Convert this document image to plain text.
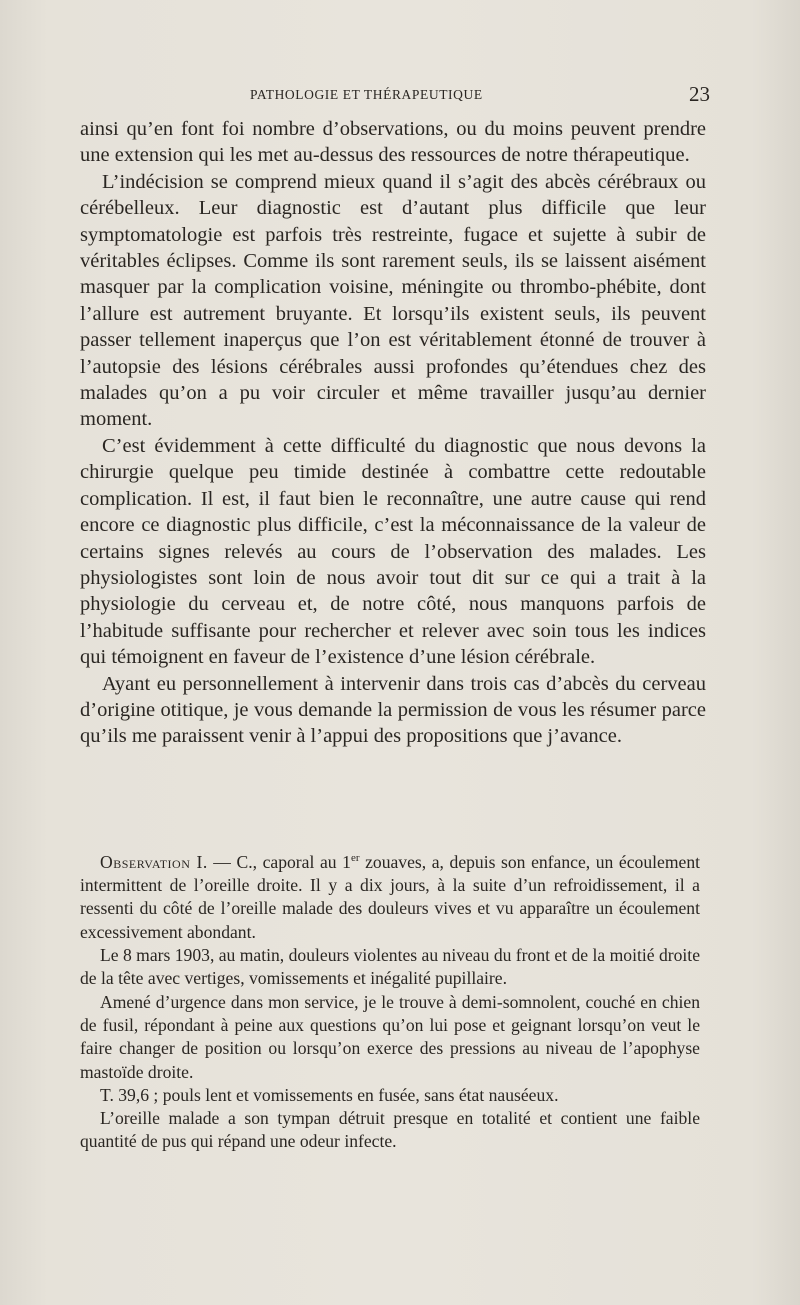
PATHOLOGIE ET THÉRAPEUTIQUE	23

ainsi qu’en font foi nombre d’observations, ou du moins peuvent prendre une extension qui les met au-dessus des ressources de notre thérapeutique.

L’indécision se comprend mieux quand il s’agit des abcès cérébraux ou cérébelleux. Leur diagnostic est d’autant plus difficile que leur symptomatologie est parfois très restreinte, fugace et sujette à subir de véritables éclipses. Comme ils sont rarement seuls, ils se laissent aisément masquer par la complication voisine, méningite ou thrombo-phébite, dont l’allure est autrement bruyante. Et lorsqu’ils existent seuls, ils peuvent passer tellement inaperçus que l’on est véritablement étonné de trouver à l’autopsie des lésions cérébrales aussi profondes qu’étendues chez des malades qu’on a pu voir circuler et même travailler jusqu’au dernier moment.

C’est évidemment à cette difficulté du diagnostic que nous devons la chirurgie quelque peu timide destinée à combattre cette redoutable complication. Il est, il faut bien le reconnaître, une autre cause qui rend encore ce diagnostic plus difficile, c’est la méconnaissance de la valeur de certains signes relevés au cours de l’observation des malades. Les physiologistes sont loin de nous avoir tout dit sur ce qui a trait à la physiologie du cerveau et, de notre côté, nous manquons parfois de l’habitude suffisante pour rechercher et relever avec soin tous les indices qui témoignent en faveur de l’existence d’une lésion cérébrale.

Ayant eu personnellement à intervenir dans trois cas d’abcès du cerveau d’origine otitique, je vous demande la permission de vous les résumer parce qu’ils me paraissent venir à l’appui des propositions que j’avance.

Observation I. — C., caporal au 1er zouaves, a, depuis son enfance, un écoulement intermittent de l’oreille droite. Il y a dix jours, à la suite d’un refroidissement, il a ressenti du côté de l’oreille malade des douleurs vives et vu apparaître un écoulement excessivement abondant.

Le 8 mars 1903, au matin, douleurs violentes au niveau du front et de la moitié droite de la tête avec vertiges, vomissements et inégalité pupillaire.

Amené d’urgence dans mon service, je le trouve à demi-somnolent, couché en chien de fusil, répondant à peine aux questions qu’on lui pose et geignant lorsqu’on veut le faire changer de position ou lorsqu’on exerce des pressions au niveau de l’apophyse mastoïde droite.

T. 39,6 ; pouls lent et vomissements en fusée, sans état nauséeux.

L’oreille malade a son tympan détruit presque en totalité et contient une faible quantité de pus qui répand une odeur infecte.
